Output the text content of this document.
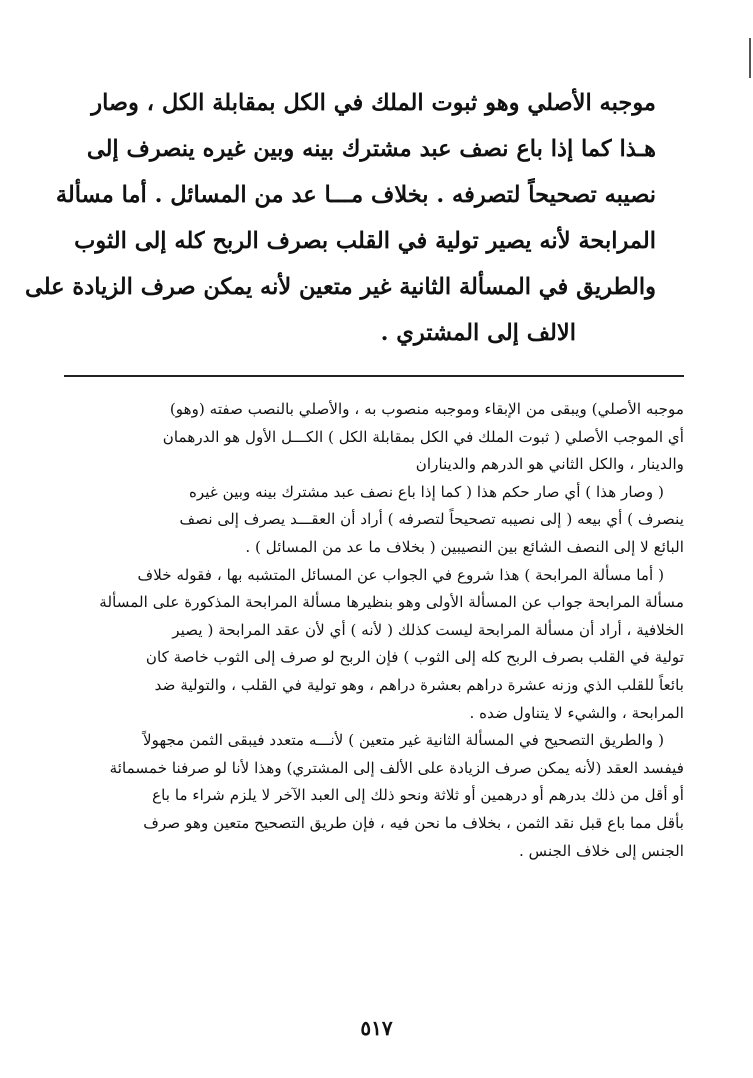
موجبه الأصلي وهو ثبوت الملك في الكل بمقابلة الكل ، وصار
هـذا كما إذا باع نصف عبد مشترك بينه وبين غيره ينصرف إلى
نصيبه تصحيحاً لتصرفه . بخلاف مـــا عد من المسائل . أما مسألة
المرابحة لأنه يصير تولية في القلب بصرف الربح كله إلى الثوب
والطريق في المسألة الثانية غير متعين لأنه يمكن صرف الزيادة على
الالف إلى المشتري .
موجبه الأصلي) ويبقى من الإبقاء وموجبه منصوب به ، والأصلي بالنصب صفته (وهو)
أي الموجب الأصلي ( ثبوت الملك في الكل بمقابلة الكل ) الكـــل الأول هو الدرهمان
والدينار ، والكل الثاني هو الدرهم والديناران
( وصار هذا ) أي صار حكم هذا ( كما إذا باع نصف عبد مشترك بينه وبين غيره
ينصرف ) أي بيعه ( إلى نصيبه تصحيحاً لتصرفه ) أراد أن العقـــد يصرف إلى نصف
البائع لا إلى النصف الشائع بين النصيبين ( بخلاف ما عد من المسائل ) .
( أما مسألة المرابحة ) هذا شروع في الجواب عن المسائل المتشبه بها ، فقوله خلاف
مسألة المرابحة جواب عن المسألة الأولى وهو بنظيرها مسألة المرابحة المذكورة على المسألة
الخلافية ، أراد أن مسألة المرابحة ليست كذلك ( لأنه ) أي لأن عقد المرابحة ( يصير
تولية في القلب بصرف الربح كله إلى الثوب ) فإن الربح لو صرف إلى الثوب خاصة كان
بائعاً للقلب الذي وزنه عشرة دراهم بعشرة دراهم ، وهو تولية في القلب ، والتولية ضد
المرابحة ، والشيء لا يتناول ضده .
( والطريق التصحيح في المسألة الثانية غير متعين ) لأنـــه متعدد فيبقى الثمن مجهولاً
فيفسد العقد (لأنه يمكن صرف الزيادة على الألف إلى المشتري) وهذا لأنا لو صرفنا خمسمائة
أو أقل من ذلك بدرهم أو درهمين أو ثلاثة ونحو ذلك إلى العبد الآخر لا يلزم شراء ما باع
بأقل مما باع قبل نقد الثمن ، بخلاف ما نحن فيه ، فإن طريق التصحيح متعين وهو صرف
الجنس إلى خلاف الجنس .
٥١٧
